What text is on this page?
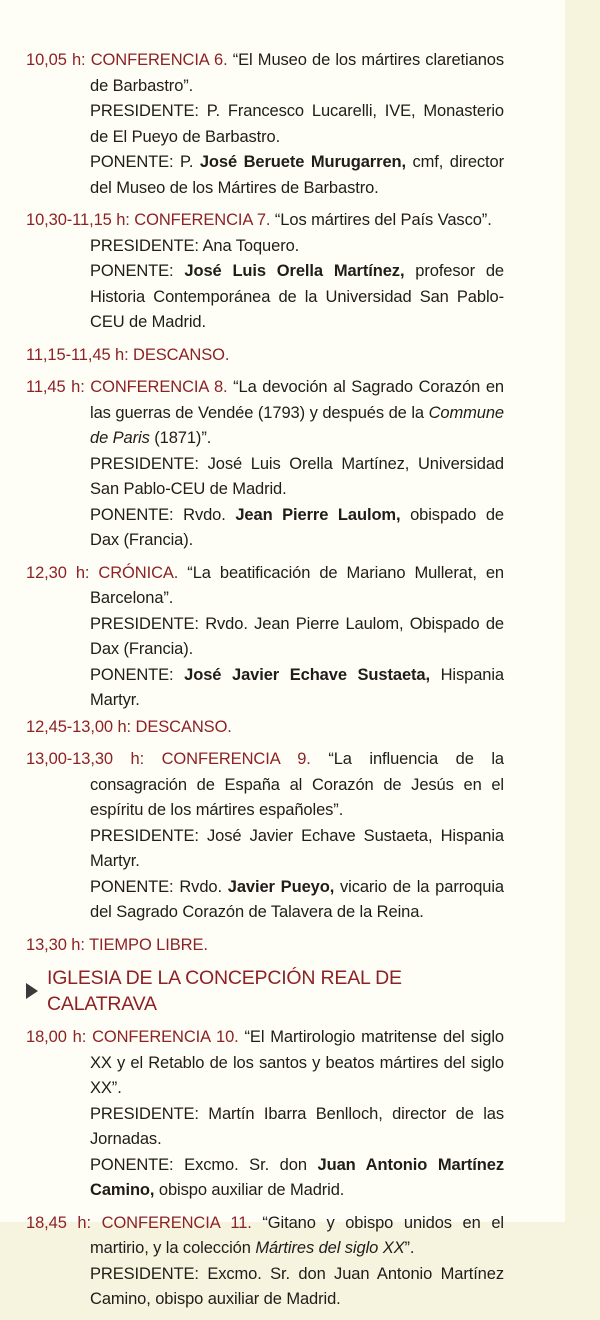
10,05 h: CONFERENCIA 6. “El Museo de los mártires claretianos de Barbastro”.
PRESIDENTE: P. Francesco Lucarelli, IVE, Monasterio de El Pueyo de Barbastro.
PONENTE: P. José Beruete Murugarren, cmf, director del Museo de los Mártires de Barbastro.
10,30-11,15 h: CONFERENCIA 7. “Los mártires del País Vasco”.
PRESIDENTE: Ana Toquero.
PONENTE: José Luis Orella Martínez, profesor de Historia Contemporánea de la Universidad San Pablo-CEU de Madrid.
11,15-11,45 h: DESCANSO.
11,45 h: CONFERENCIA 8. “La devoción al Sagrado Corazón en las guerras de Vendée (1793) y después de la Commune de Paris (1871)”.
PRESIDENTE: José Luis Orella Martínez, Universidad San Pablo-CEU de Madrid.
PONENTE: Rvdo. Jean Pierre Laulom, obispado de Dax (Francia).
12,30 h: CRÓNICA. “La beatificación de Mariano Mullerat, en Barcelona”.
PRESIDENTE: Rvdo. Jean Pierre Laulom, Obispado de Dax (Francia).
PONENTE: José Javier Echave Sustaeta, Hispania Martyr.
12,45-13,00 h: DESCANSO.
13,00-13,30 h: CONFERENCIA 9. “La influencia de la consagración de España al Corazón de Jesús en el espíritu de los mártires españoles”.
PRESIDENTE: José Javier Echave Sustaeta, Hispania Martyr.
PONENTE: Rvdo. Javier Pueyo, vicario de la parroquia del Sagrado Corazón de Talavera de la Reina.
13,30 h: TIEMPO LIBRE.
IGLESIA DE LA CONCEPCIÓN REAL DE CALATRAVA
18,00 h: CONFERENCIA 10. “El Martirologio matritense del siglo XX y el Retablo de los santos y beatos mártires del siglo XX”.
PRESIDENTE: Martín Ibarra Benlloch, director de las Jornadas.
PONENTE: Excmo. Sr. don Juan Antonio Martínez Camino, obispo auxiliar de Madrid.
18,45 h: CONFERENCIA 11. “Gitano y obispo unidos en el martirio, y la colección Mártires del siglo XX”.
PRESIDENTE: Excmo. Sr. don Juan Antonio Martínez Camino, obispo auxiliar de Madrid.
